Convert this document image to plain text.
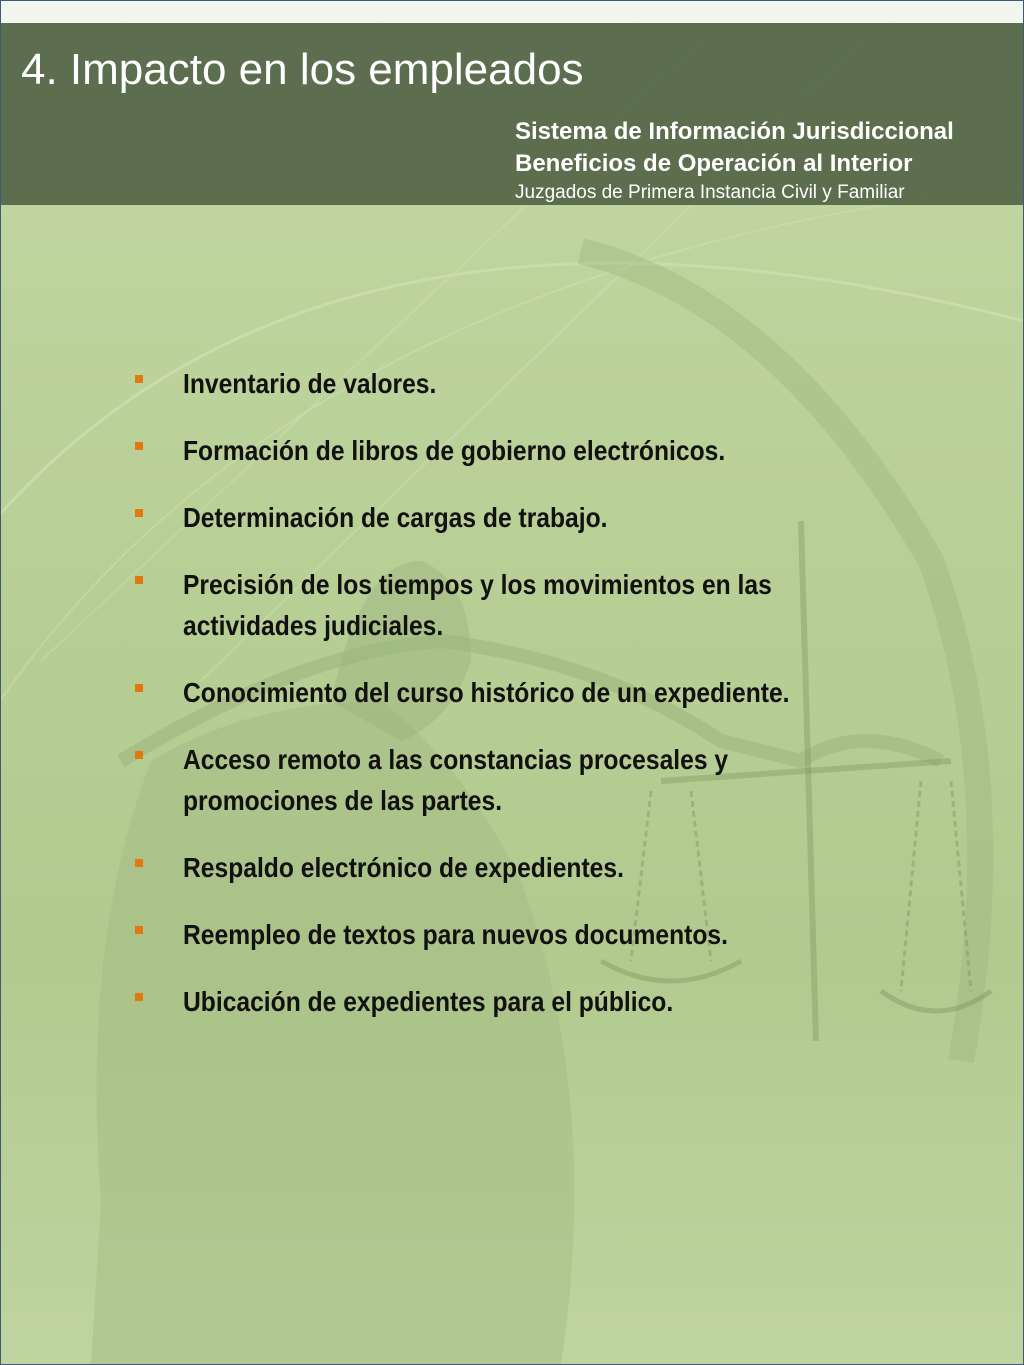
4. Impacto en los empleados
Sistema de Información Jurisdiccional
Beneficios de Operación al Interior
Juzgados de Primera Instancia Civil y Familiar
Inventario de valores.
Formación de libros de gobierno electrónicos.
Determinación de cargas de trabajo.
Precisión de los tiempos y los movimientos en las actividades judiciales.
Conocimiento del curso histórico de un expediente.
Acceso remoto a las constancias procesales y promociones de las partes.
Respaldo electrónico de expedientes.
Reempleo de textos para nuevos documentos.
Ubicación de expedientes para el público.
